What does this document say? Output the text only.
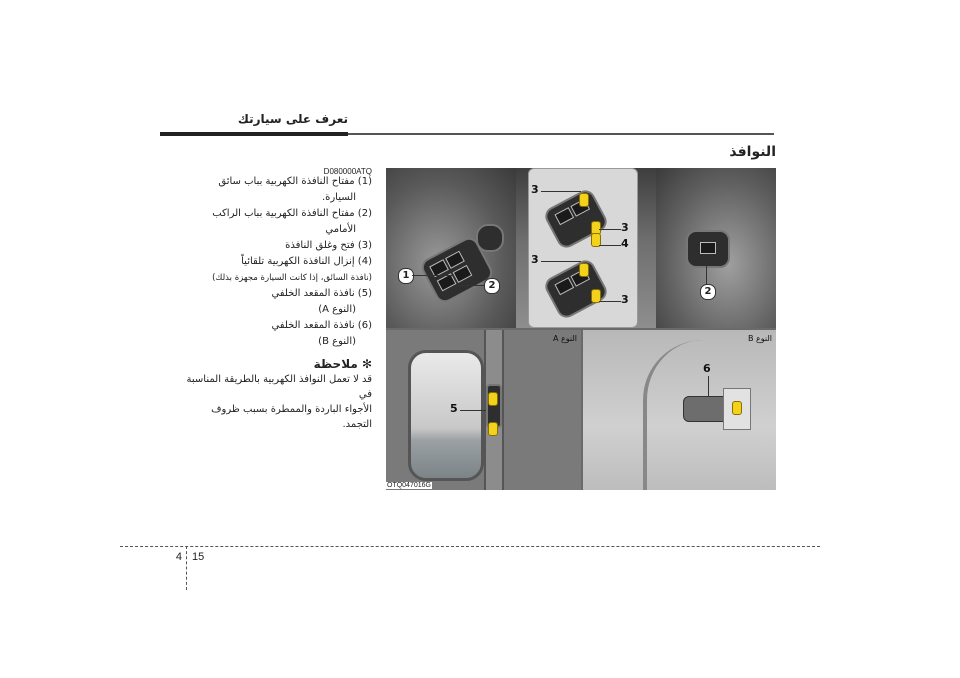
تعرف على سيارتك
النوافذ
D080000ATQ
(1) مفتاح النافذة الكهربية بباب سائق
السيارة.
(2) مفتاح النافذة الكهربية بباب الراكب
الأمامي
(3) فتح وغلق النافذة
(4) إنزال النافذة الكهربية تلقائياً
(نافذة السائق، إذا كانت السيارة مجهزة بذلك)
(5) نافذة المقعد الخلفي
(النوع A)
(6) نافذة المقعد الخلفي
(النوع B)
✻ ملاحظة
قد لا تعمل النوافذ الكهربية بالطريقة المناسبة في
الأجواء الباردة والممطرة بسبب ظروف التجمد.
3
3
4
3
3
1
2
2
5
النوع A
6
النوع B
OTQ047016G
4 15
